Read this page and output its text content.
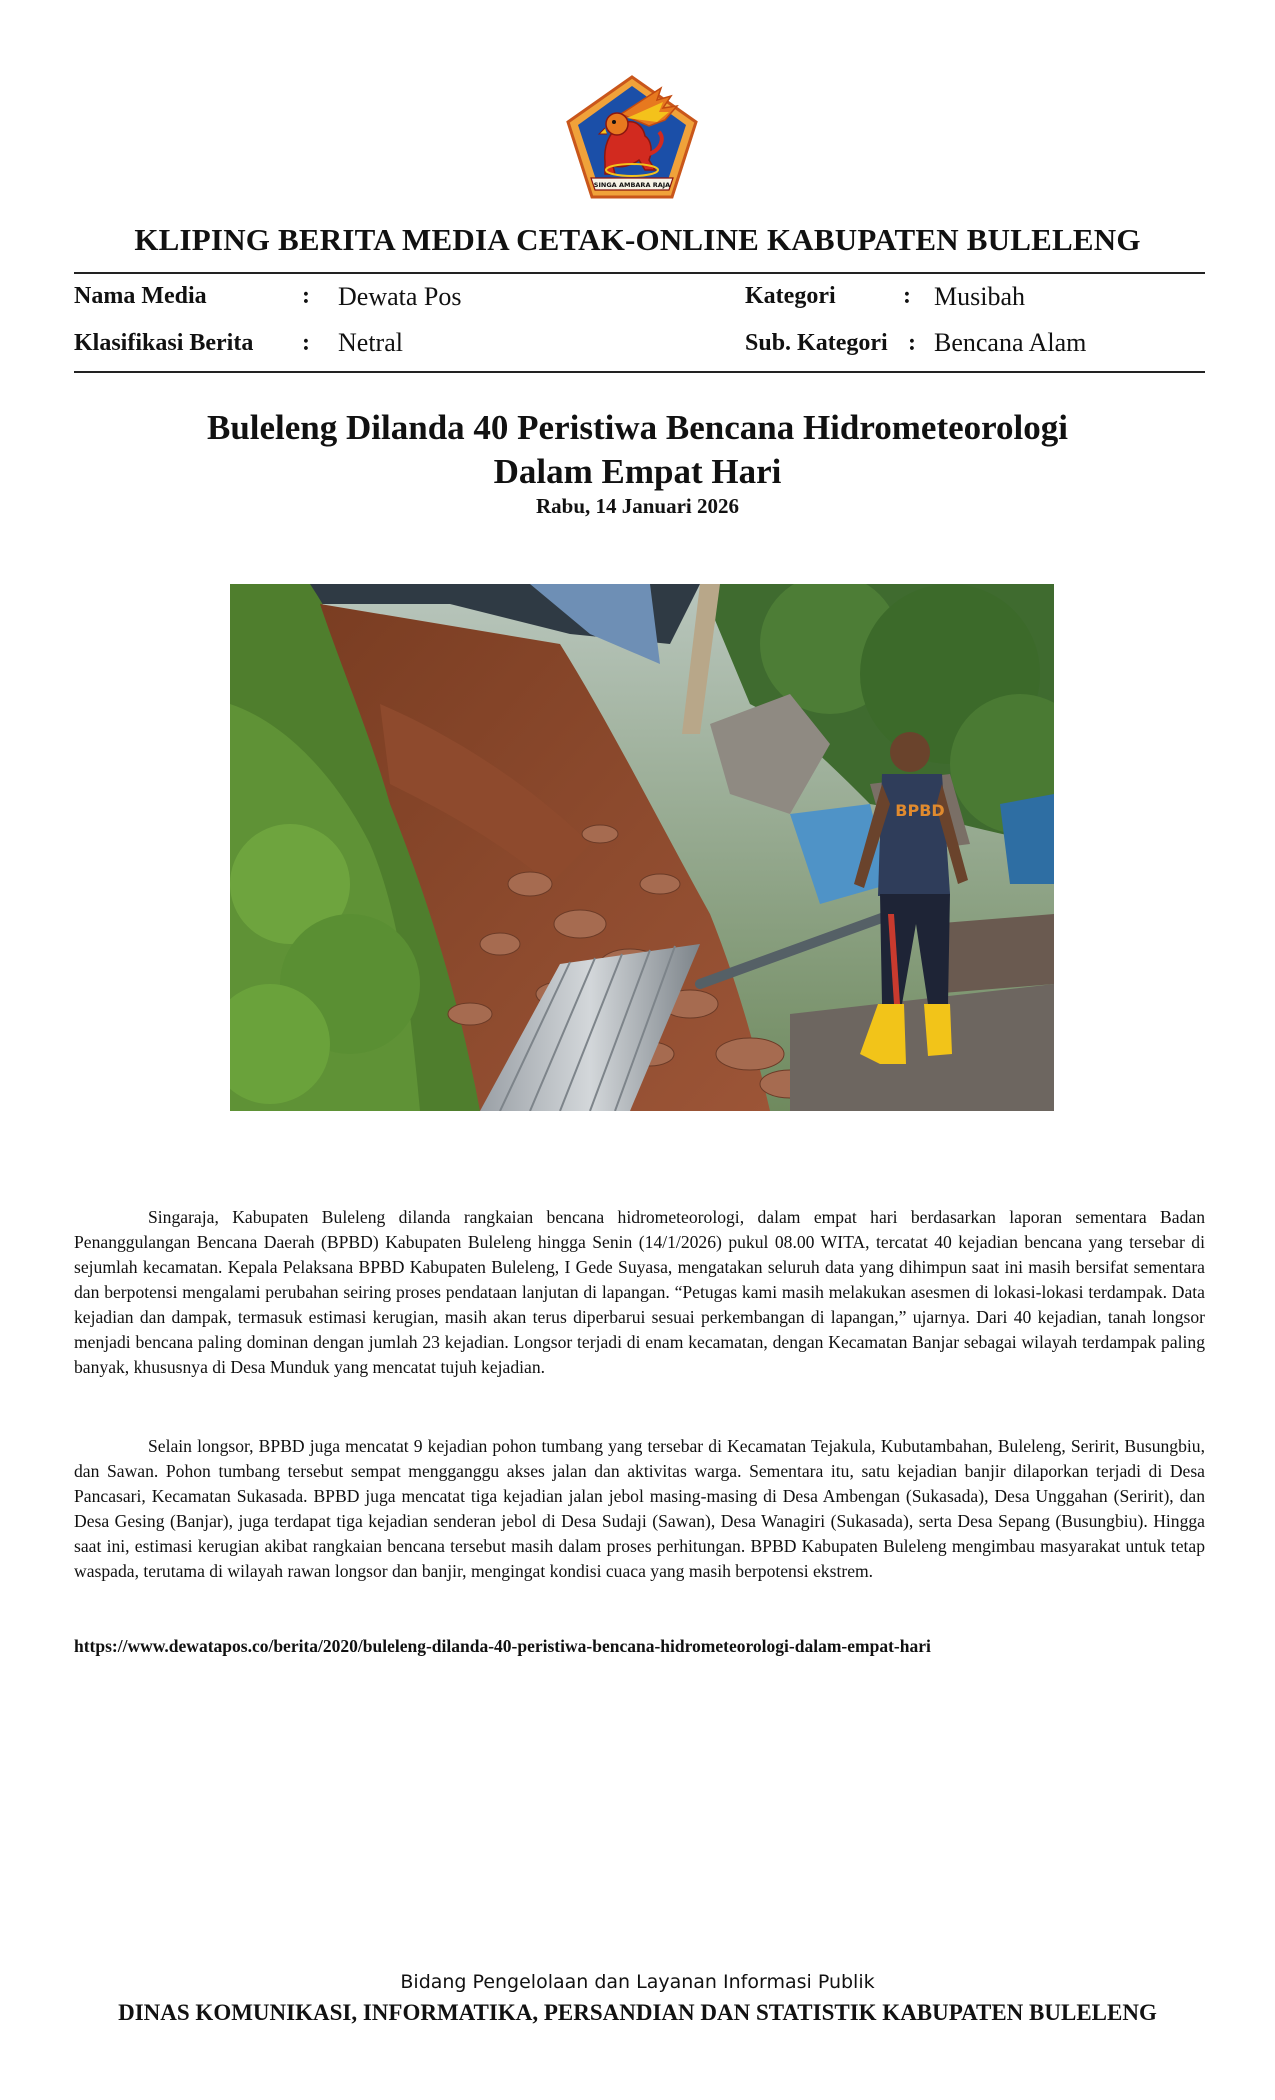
SINGA AMBARA RAJA
KLIPING BERITA MEDIA CETAK-ONLINE KABUPATEN BULELENG
Nama Media	: Dewata Pos	Kategori	: Musibah
Klasifikasi Berita : Netral	Sub. Kategori : Bencana Alam
Buleleng Dilanda 40 Peristiwa Bencana Hidrometeorologi
Dalam Empat Hari
Rabu, 14 Januari 2026
BPBD

Singaraja, Kabupaten Buleleng dilanda rangkaian bencana hidrometeorologi, dalam empat hari berdasarkan laporan sementara Badan Penanggulangan Bencana Daerah (BPBD) Kabupaten Buleleng hingga Senin (14/1/2026) pukul 08.00 WITA, tercatat 40 kejadian bencana yang tersebar di sejumlah kecamatan. Kepala Pelaksana BPBD Kabupaten Buleleng, I Gede Suyasa, mengatakan seluruh data yang dihimpun saat ini masih bersifat sementara dan berpotensi mengalami perubahan seiring proses pendataan lanjutan di lapangan. “Petugas kami masih melakukan asesmen di lokasi-lokasi terdampak. Data kejadian dan dampak, termasuk estimasi kerugian, masih akan terus diperbarui sesuai perkembangan di lapangan,” ujarnya. Dari 40 kejadian, tanah longsor menjadi bencana paling dominan dengan jumlah 23 kejadian. Longsor terjadi di enam kecamatan, dengan Kecamatan Banjar sebagai wilayah terdampak paling banyak, khususnya di Desa Munduk yang mencatat tujuh kejadian.

Selain longsor, BPBD juga mencatat 9 kejadian pohon tumbang yang tersebar di Kecamatan Tejakula, Kubutambahan, Buleleng, Seririt, Busungbiu, dan Sawan. Pohon tumbang tersebut sempat mengganggu akses jalan dan aktivitas warga. Sementara itu, satu kejadian banjir dilaporkan terjadi di Desa Pancasari, Kecamatan Sukasada. BPBD juga mencatat tiga kejadian jalan jebol masing-masing di Desa Ambengan (Sukasada), Desa Unggahan (Seririt), dan Desa Gesing (Banjar), juga terdapat tiga kejadian senderan jebol di Desa Sudaji (Sawan), Desa Wanagiri (Sukasada), serta Desa Sepang (Busungbiu). Hingga saat ini, estimasi kerugian akibat rangkaian bencana tersebut masih dalam proses perhitungan. BPBD Kabupaten Buleleng mengimbau masyarakat untuk tetap waspada, terutama di wilayah rawan longsor dan banjir, mengingat kondisi cuaca yang masih berpotensi ekstrem.

https://www.dewatapos.co/berita/2020/buleleng-dilanda-40-peristiwa-bencana-hidrometeorologi-dalam-empat-hari
Bidang Pengelolaan dan Layanan Informasi Publik
DINAS KOMUNIKASI, INFORMATIKA, PERSANDIAN DAN STATISTIK KABUPATEN BULELENG
